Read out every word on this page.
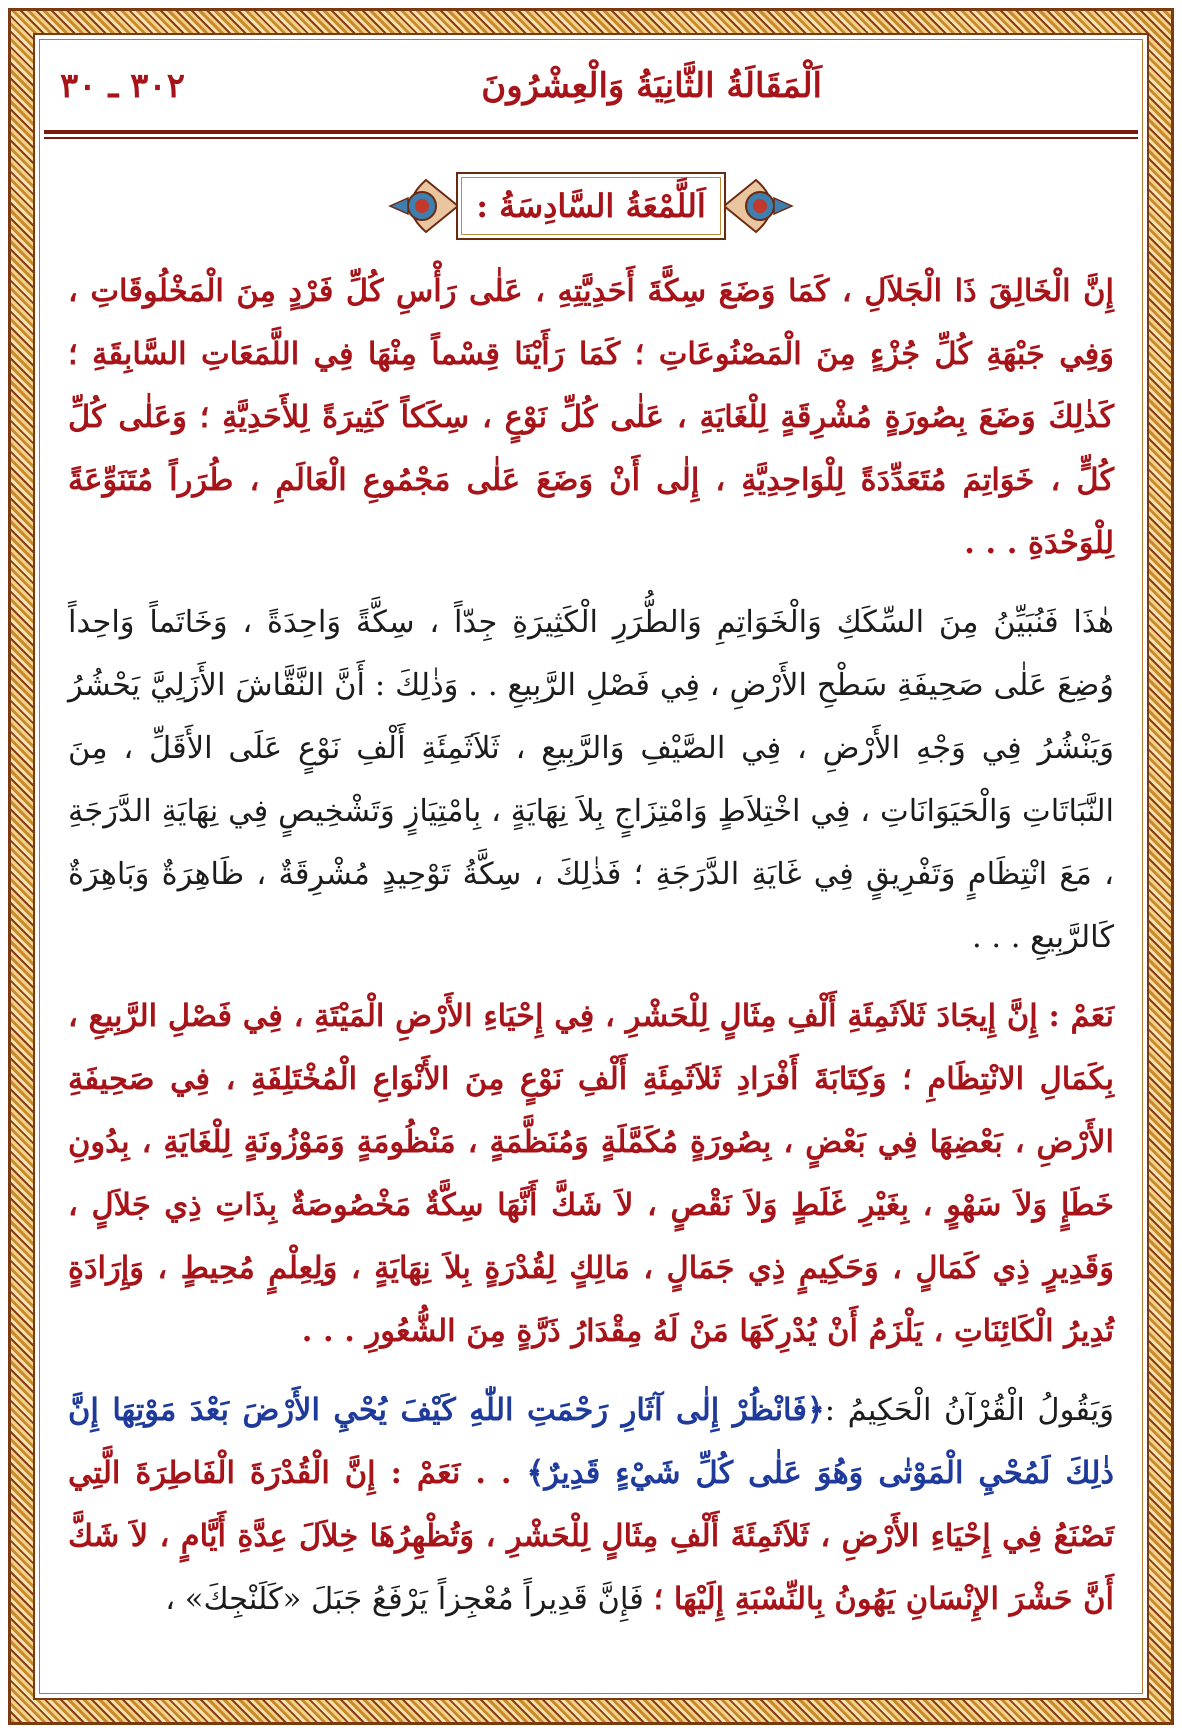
اَلْمَقَالَةُ الثَّانِيَةُ وَالْعِشْرُونَ
٣٠٢ ـ ٣٠
اَللَّمْعَةُ السَّادِسَةُ :

إِنَّ الْخَالِقَ ذَا الْجَلاَلِ ، كَمَا وَضَعَ سِكَّةَ أَحَدِيَّتِهِ ، عَلٰى رَأْسِ كُلِّ فَرْدٍ مِنَ الْمَخْلُوقَاتِ ، وَفِي جَبْهَةِ كُلِّ جُزْءٍ مِنَ الْمَصْنُوعَاتِ ؛ كَمَا رَأَيْنَا قِسْماً مِنْهَا فِي اللَّمَعَاتِ السَّابِقَةِ ؛ كَذٰلِكَ وَضَعَ بِصُورَةٍ مُشْرِقَةٍ لِلْغَايَةِ ، عَلٰى كُلِّ نَوْعٍ ، سِكَكاً كَثِيرَةً لِلأَحَدِيَّةِ ؛ وَعَلٰى كُلِّ كُلٍّ ، خَوَاتِمَ مُتَعَدِّدَةً لِلْوَاحِدِيَّةِ ، إِلٰى أَنْ وَضَعَ عَلٰى مَجْمُوعِ الْعَالَمِ ، طُرَراً مُتَنَوِّعَةً لِلْوَحْدَةِ . . .

هٰذَا فَنُبَيِّنُ مِنَ السِّكَكِ وَالْخَوَاتِمِ وَالطُّرَرِ الْكَثِيرَةِ جِدّاً ، سِكَّةً وَاحِدَةً ، وَخَاتَماً وَاحِداً وُضِعَ عَلٰى صَحِيفَةِ سَطْحِ الأَرْضِ ، فِي فَصْلِ الرَّبِيعِ . . وَذٰلِكَ : أَنَّ النَّقَّاشَ الأَزَلِيَّ يَحْشُرُ وَيَنْشُرُ فِي وَجْهِ الأَرْضِ ، فِي الصَّيْفِ وَالرَّبِيعِ ، ثَلاَثَمِئَةِ أَلْفِ نَوْعٍ عَلَى الأَقَلِّ ، مِنَ النَّبَاتَاتِ وَالْحَيَوَانَاتِ ، فِي اخْتِلاَطٍ وَامْتِزَاجٍ بِلاَ نِهَايَةٍ ، بِامْتِيَازٍ وَتَشْخِيصٍ فِي نِهَايَةِ الدَّرَجَةِ ، مَعَ انْتِظَامٍ وَتَفْرِيقٍ فِي غَايَةِ الدَّرَجَةِ ؛ فَذٰلِكَ ، سِكَّةُ تَوْحِيدٍ مُشْرِقَةٌ ، ظَاهِرَةٌ وَبَاهِرَةٌ كَالرَّبِيعِ . . .

نَعَمْ : إِنَّ إِيجَادَ ثَلاَثَمِئَةِ أَلْفِ مِثَالٍ لِلْحَشْرِ ، فِي إِحْيَاءِ الأَرْضِ الْمَيْتَةِ ، فِي فَصْلِ الرَّبِيعِ ، بِكَمَالِ الانْتِظَامِ ؛ وَكِتَابَةَ أَفْرَادِ ثَلاَثَمِئَةِ أَلْفِ نَوْعٍ مِنَ الأَنْوَاعِ الْمُخْتَلِفَةِ ، فِي صَحِيفَةِ الأَرْضِ ، بَعْضِهَا فِي بَعْضٍ ، بِصُورَةٍ مُكَمَّلَةٍ وَمُنَظَّمَةٍ ، مَنْظُومَةٍ وَمَوْزُونَةٍ لِلْغَايَةِ ، بِدُونِ خَطَإٍ وَلاَ سَهْوٍ ، بِغَيْرِ غَلَطٍ وَلاَ نَقْصٍ ، لاَ شَكَّ أَنَّهَا سِكَّةٌ مَخْصُوصَةٌ بِذَاتِ ذِي جَلاَلٍ ، وَقَدِيرٍ ذِي كَمَالٍ ، وَحَكِيمٍ ذِي جَمَالٍ ، مَالِكٍ لِقُدْرَةٍ بِلاَ نِهَايَةٍ ، وَلِعِلْمٍ مُحِيطٍ ، وَإِرَادَةٍ تُدِيرُ الْكَائِنَاتِ ، يَلْزَمُ أَنْ يُدْرِكَهَا مَنْ لَهُ مِقْدَارُ ذَرَّةٍ مِنَ الشُّعُورِ . . .

وَيَقُولُ الْقُرْآنُ الْحَكِيمُ :﴿فَانْظُرْ إِلٰى آثَارِ رَحْمَتِ اللّٰهِ كَيْفَ يُحْيِ الأَرْضَ بَعْدَ مَوْتِهَا إِنَّ ذٰلِكَ لَمُحْيِ الْمَوْتٰى وَهُوَ عَلٰى كُلِّ شَيْءٍ قَدِيرٌ﴾ . . نَعَمْ : إِنَّ الْقُدْرَةَ الْفَاطِرَةَ الَّتِي تَصْنَعُ فِي إِحْيَاءِ الأَرْضِ ، ثَلاَثَمِئَةَ أَلْفِ مِثَالٍ لِلْحَشْرِ ، وَتُظْهِرُهَا خِلاَلَ عِدَّةِ أَيَّامٍ ، لاَ شَكَّ أَنَّ حَشْرَ الإِنْسَانِ يَهُونُ بِالنِّسْبَةِ إِلَيْهَا ؛ فَإِنَّ قَدِيراً مُعْجِزاً يَرْفَعُ جَبَلَ «كَلَنْجِكَ» ،
